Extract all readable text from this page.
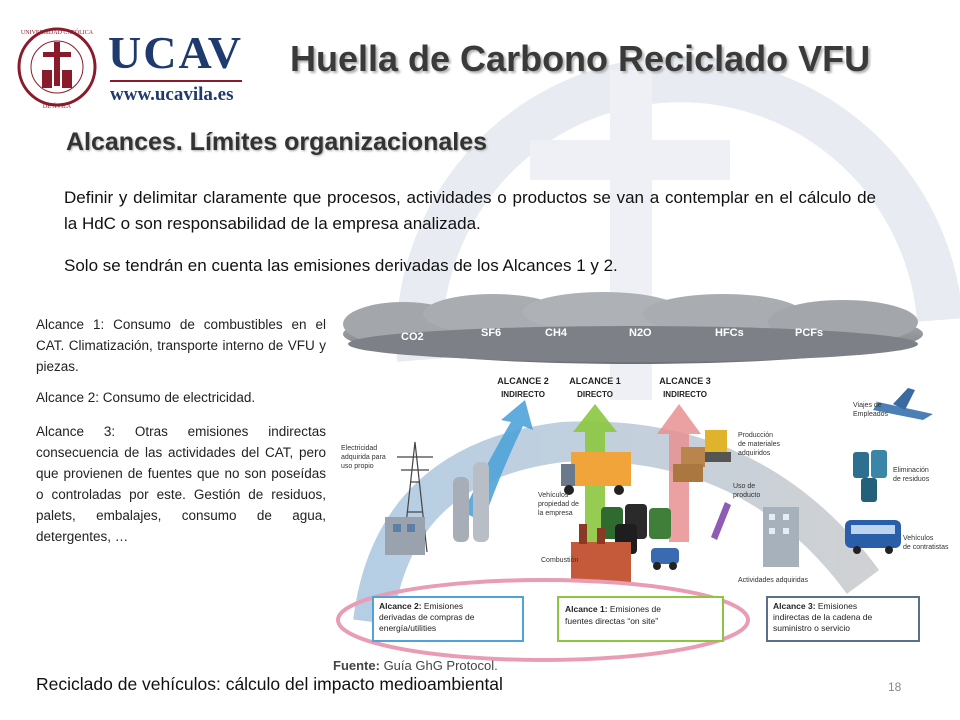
UNIVERSIDAD CATÓLICA
DE ÁVILA
UCAV
www.ucavila.es
Huella de Carbono Reciclado VFU
Alcances. Límites organizacionales
Definir y delimitar claramente que procesos, actividades o productos se van a contemplar en el cálculo de la HdC o son responsabilidad de la empresa analizada.
Solo se tendrán en cuenta las emisiones derivadas de los Alcances 1 y 2.

Alcance 1: Consumo de combustibles en el CAT. Climatización, transporte interno de VFU y piezas.

Alcance 2: Consumo de electricidad.

Alcance 3: Otras emisiones indirectas consecuencia de las actividades del CAT, pero que provienen de fuentes que no son poseídas o controladas por este. Gestión de residuos, palets, embalajes, consumo de agua, detergentes, …

CO2	SF6	CH4	N2O	HFCs	PCFs
ALCANCE 2
INDIRECTO
ALCANCE 1
DIRECTO
ALCANCE 3
INDIRECTO
Electricidad
adquirida para
uso propio
Vehículos
propiedad de
la empresa
Combustión
Producción
de materiales
adquiridos
Uso de
producto
Actividades adquiridas
Viajes de
Empleados
Eliminación
de residuos
Vehículos
de contratistas
Alcance 2: Emisiones
derivadas de compras de
energía/utilities
Alcance 1: Emisiones de
fuentes directas “on site”
Alcance 3: Emisiones
indirectas de la cadena de
suministro o servicio
Fuente: Guía GhG Protocol.
Reciclado de vehículos: cálculo del impacto medioambiental	18
